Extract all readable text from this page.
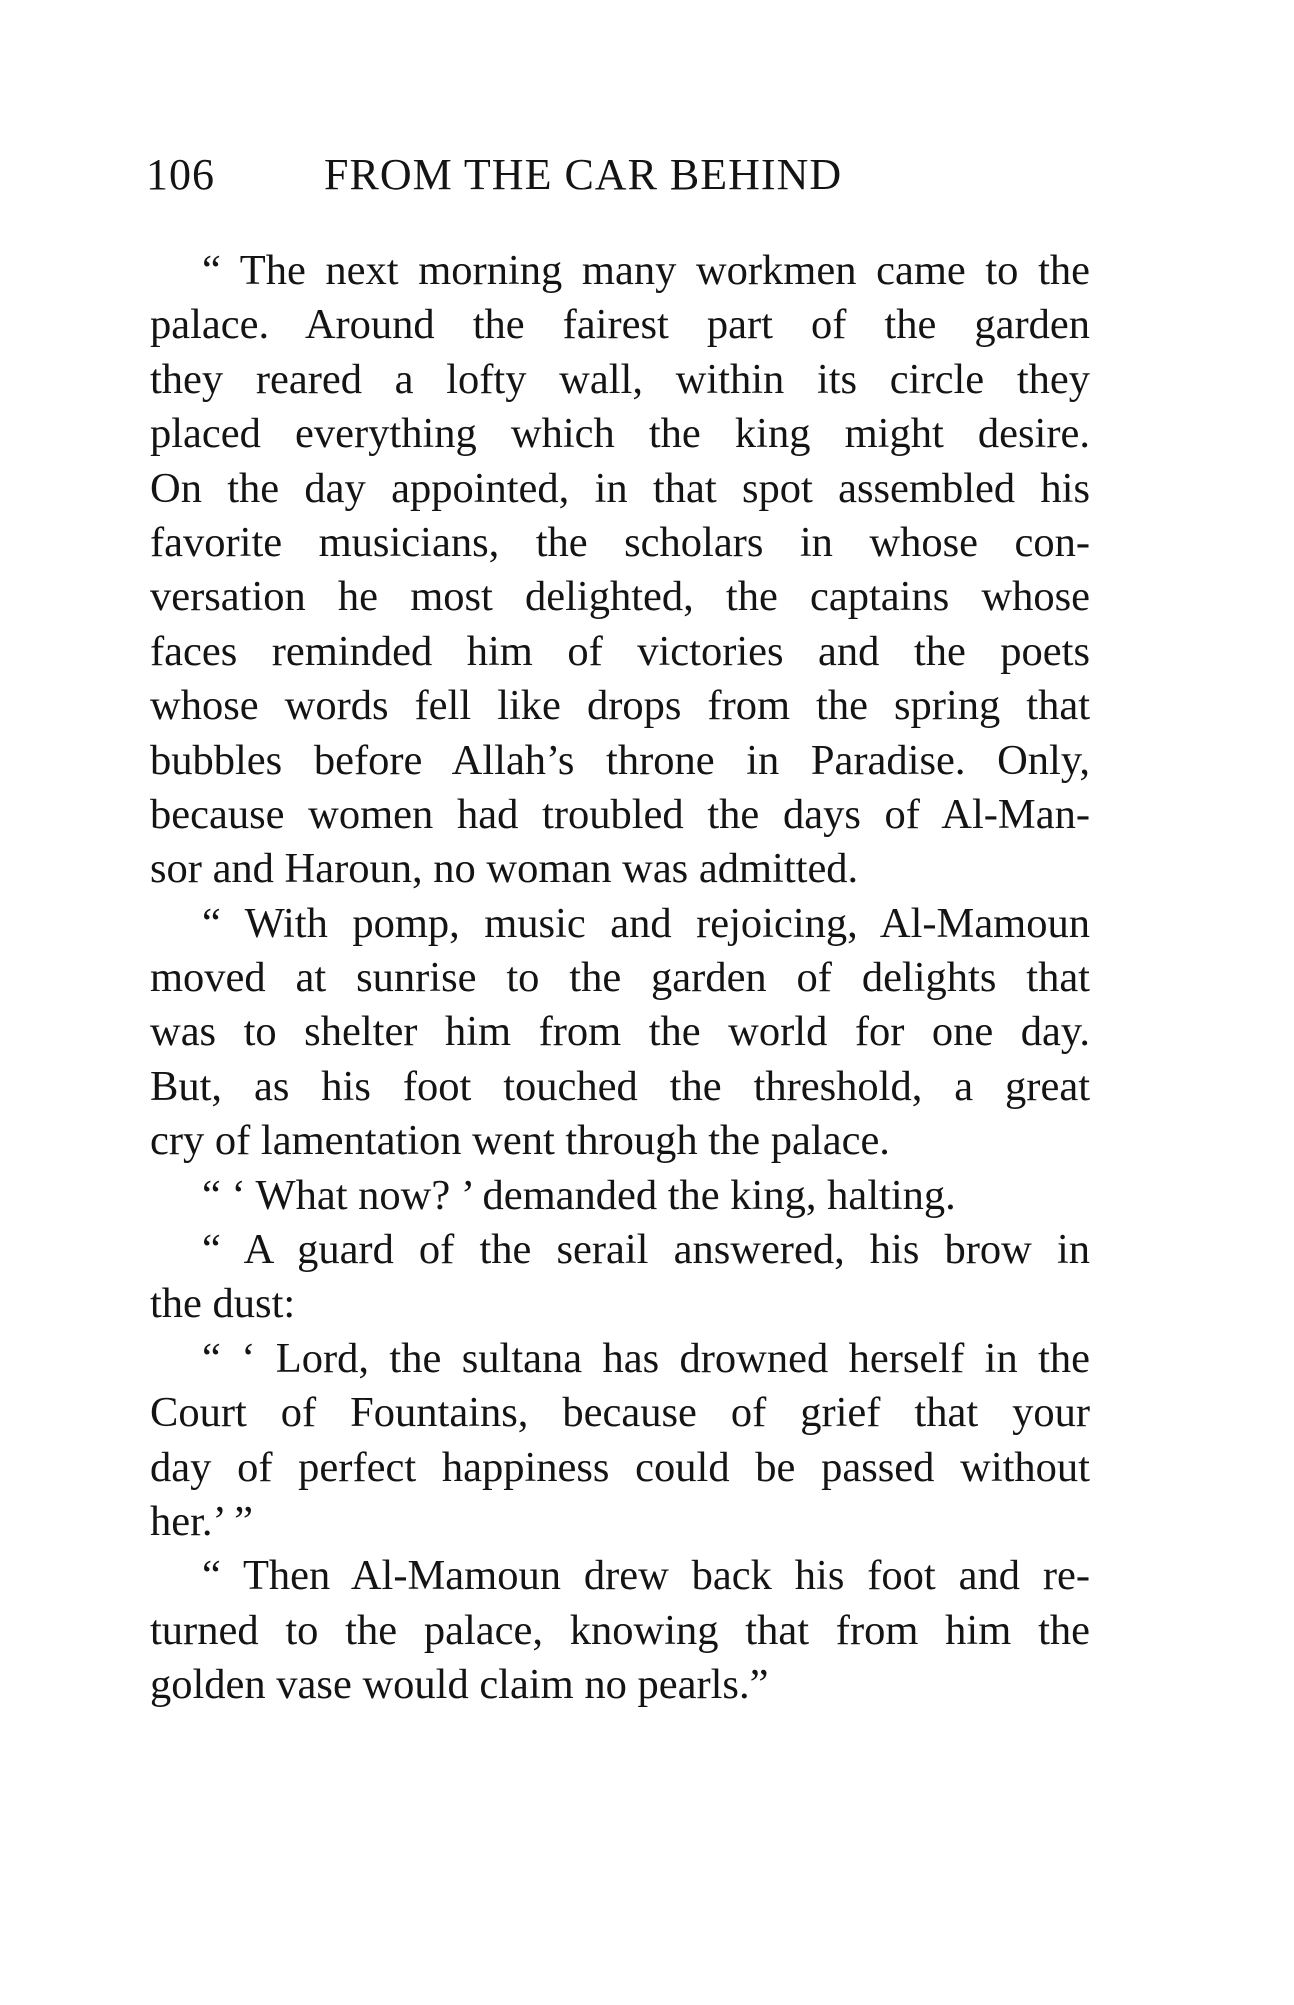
106 FROM THE CAR BEHIND
“ The next morning many workmen came to the
palace. Around the fairest part of the garden
they reared a lofty wall, within its circle they
placed everything which the king might desire.
On the day appointed, in that spot assembled his
favorite musicians, the scholars in whose con-
versation he most delighted, the captains whose
faces reminded him of victories and the poets
whose words fell like drops from the spring that
bubbles before Allah’s throne in Paradise. Only,
because women had troubled the days of Al-Man-
sor and Haroun, no woman was admitted.
“ With pomp, music and rejoicing, Al-Mamoun
moved at sunrise to the garden of delights that
was to shelter him from the world for one day.
But, as his foot touched the threshold, a great
cry of lamentation went through the palace.
“ ‘ What now? ’ demanded the king, halting.
“ A guard of the serail answered, his brow in
the dust:
“ ‘ Lord, the sultana has drowned herself in the
Court of Fountains, because of grief that your
day of perfect happiness could be passed without
her.’ ”
“ Then Al-Mamoun drew back his foot and re-
turned to the palace, knowing that from him the
golden vase would claim no pearls.”
